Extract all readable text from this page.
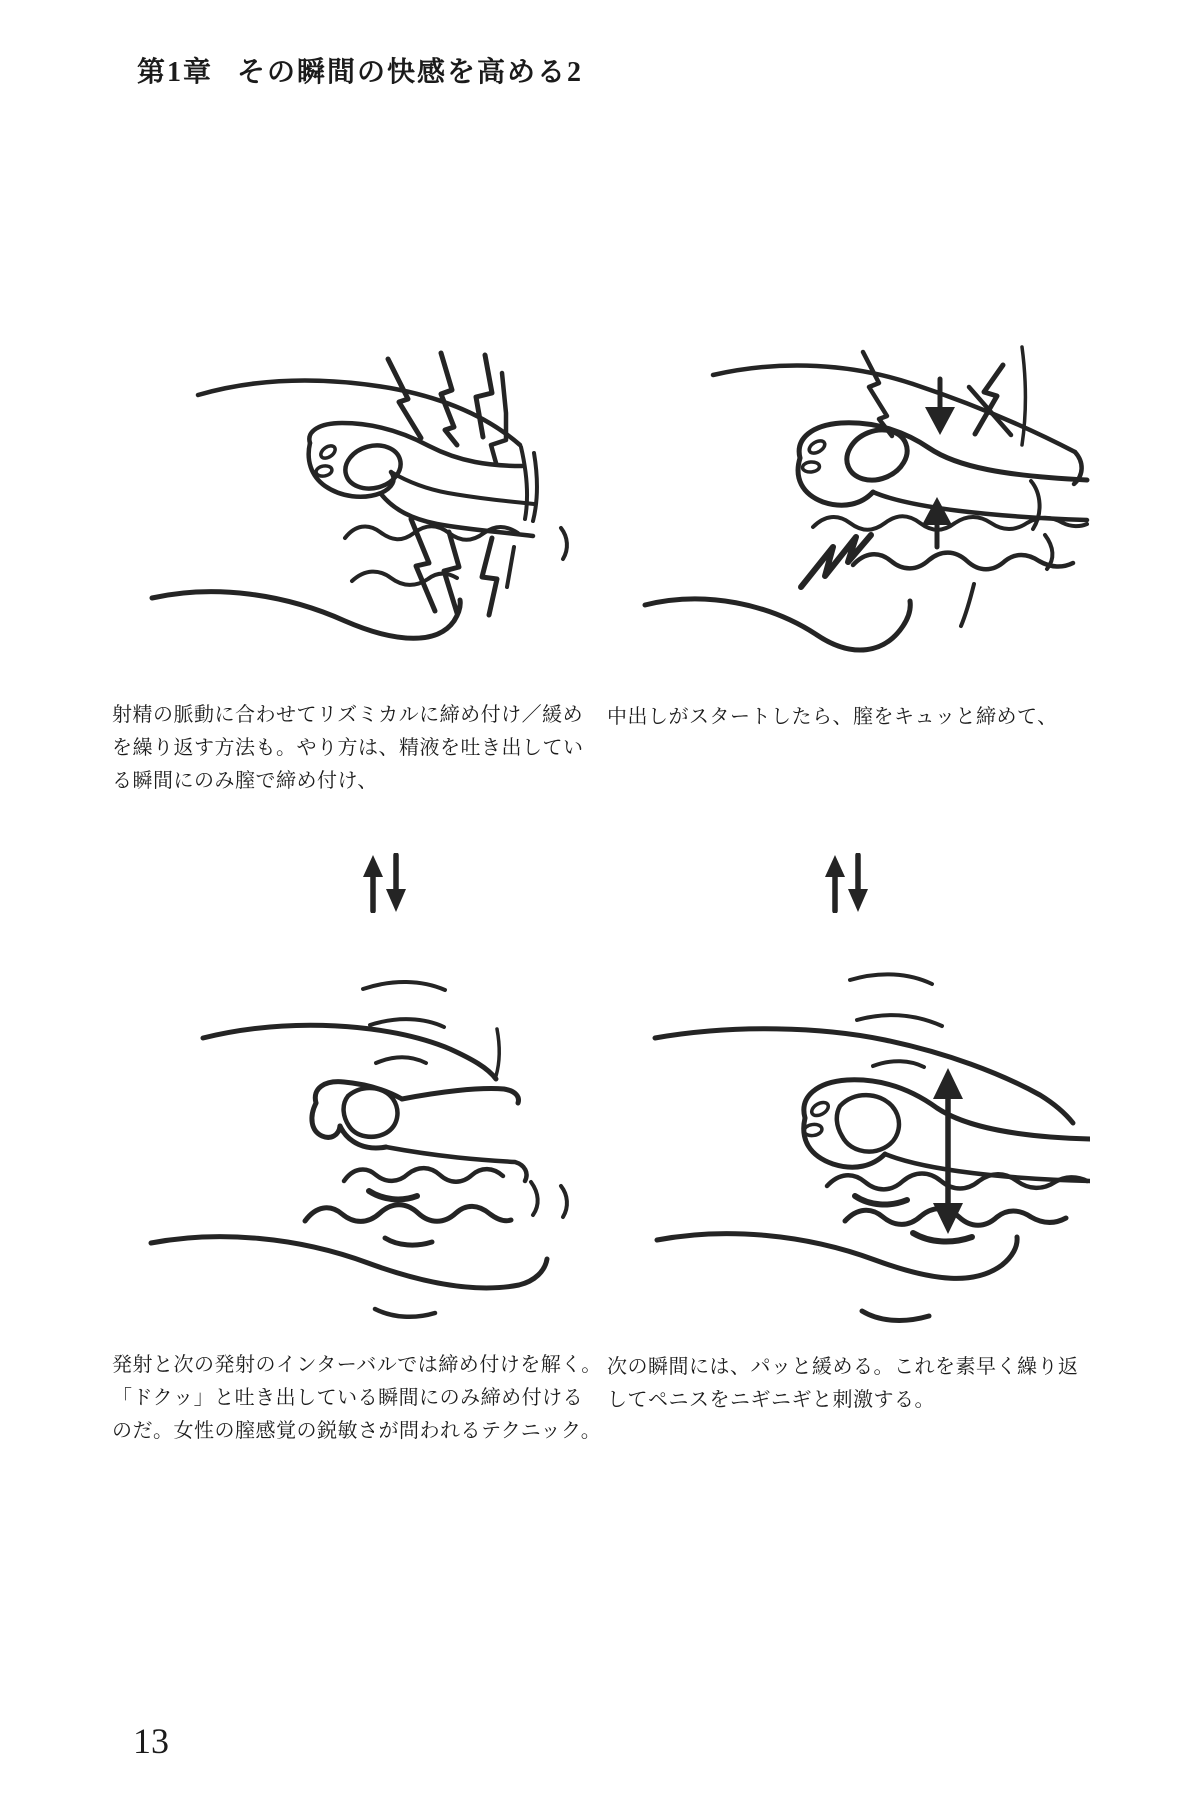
第1章 その瞬間の快感を高める2
射精の脈動に合わせてリズミカルに締め付け／緩め
を繰り返す方法も。やり方は、精液を吐き出してい
る瞬間にのみ膣で締め付け、
中出しがスタートしたら、膣をキュッと締めて、
発射と次の発射のインターバルでは締め付けを解く。
「ドクッ」と吐き出している瞬間にのみ締め付ける
のだ。女性の膣感覚の鋭敏さが問われるテクニック。
次の瞬間には、パッと緩める。これを素早く繰り返
してペニスをニギニギと刺激する。
13
